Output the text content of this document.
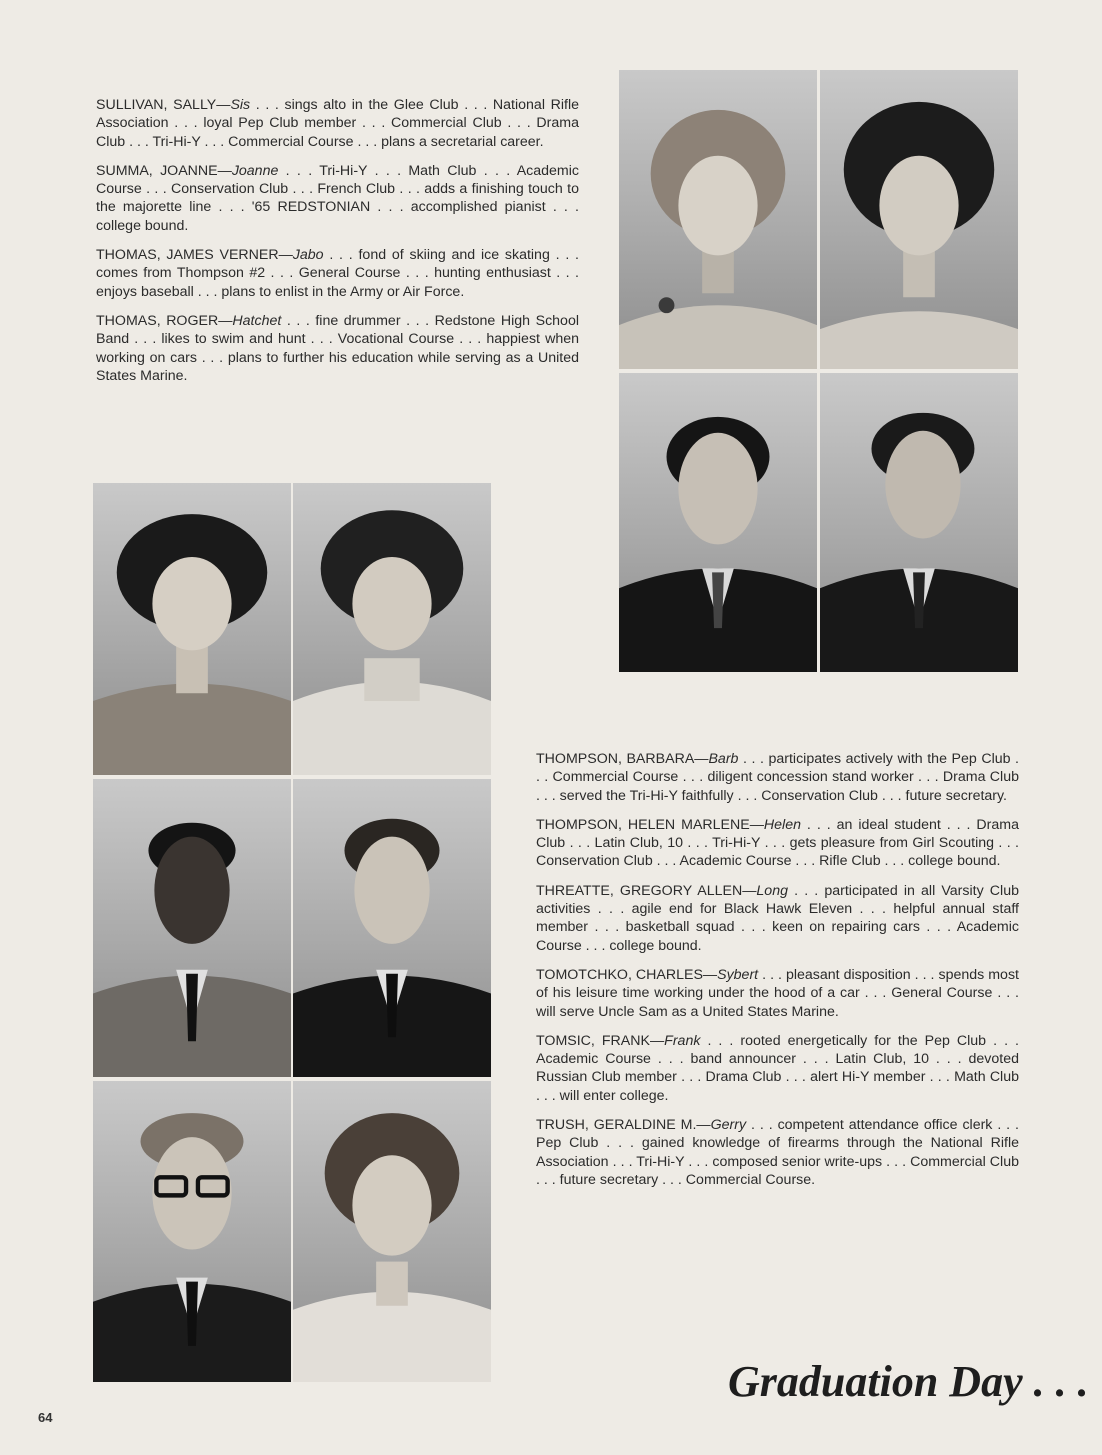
SULLIVAN, SALLY—Sis . . . sings alto in the Glee Club . . . National Rifle Association . . . loyal Pep Club member . . . Commercial Club . . . Drama Club . . . Tri-Hi-Y . . . Commercial Course . . . plans a secretarial career.

SUMMA, JOANNE—Joanne . . . Tri-Hi-Y . . . Math Club . . . Academic Course . . . Conservation Club . . . French Club . . . adds a finishing touch to the majorette line . . . '65 REDSTONIAN . . . accomplished pianist . . . college bound.

THOMAS, JAMES VERNER—Jabo . . . fond of skiing and ice skating . . . comes from Thompson #2 . . . General Course . . . hunting enthusiast . . . enjoys baseball . . . plans to enlist in the Army or Air Force.

THOMAS, ROGER—Hatchet . . . fine drummer . . . Redstone High School Band . . . likes to swim and hunt . . . Vocational Course . . . happiest when working on cars . . . plans to further his education while serving as a United States Marine.

THOMPSON, BARBARA—Barb . . . participates actively with the Pep Club . . . Commercial Course . . . diligent concession stand worker . . . Drama Club . . . served the Tri-Hi-Y faithfully . . . Conservation Club . . . future secretary.

THOMPSON, HELEN MARLENE—Helen . . . an ideal student . . . Drama Club . . . Latin Club, 10 . . . Tri-Hi-Y . . . gets pleasure from Girl Scouting . . . Conservation Club . . . Academic Course . . . Rifle Club . . . college bound.

THREATTE, GREGORY ALLEN—Long . . . participated in all Varsity Club activities . . . agile end for Black Hawk Eleven . . . helpful annual staff member . . . basketball squad . . . keen on repairing cars . . . Academic Course . . . college bound.

TOMOTCHKO, CHARLES—Sybert . . . pleasant disposition . . . spends most of his leisure time working under the hood of a car . . . General Course . . . will serve Uncle Sam as a United States Marine.

TOMSIC, FRANK—Frank . . . rooted energetically for the Pep Club . . . Academic Course . . . band announcer . . . Latin Club, 10 . . . devoted Russian Club member . . . Drama Club . . . alert Hi-Y member . . . Math Club . . . will enter college.

TRUSH, GERALDINE M.—Gerry . . . competent attendance office clerk . . . Pep Club . . . gained knowledge of firearms through the National Rifle Association . . . Tri-Hi-Y . . . composed senior write-ups . . . Commercial Club . . . future secretary . . . Commercial Course.

Graduation Day . . .
64
